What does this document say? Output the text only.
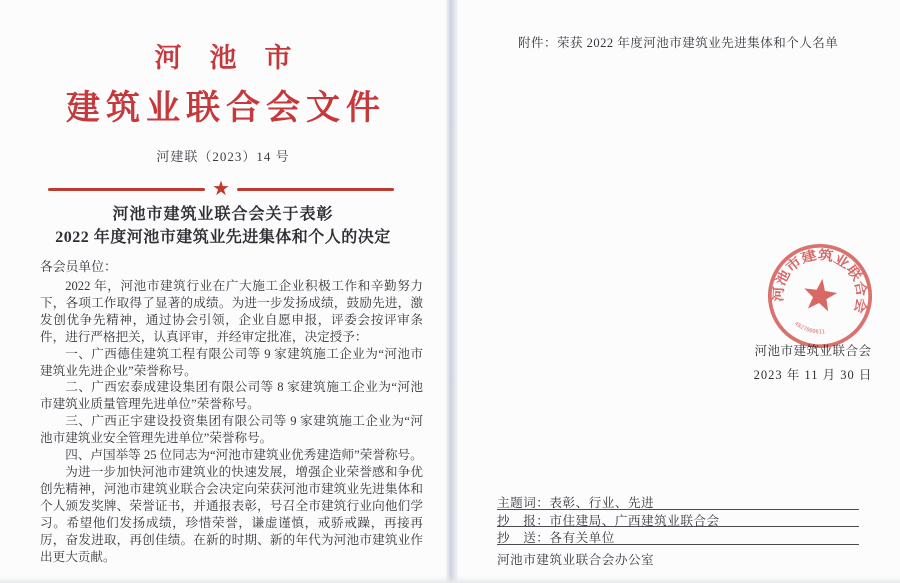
河池市
建筑业联合会文件
河建联（2023）14 号
★
河池市建筑业联合会关于表彰
2022 年度河池市建筑业先进集体和个人的决定
各会员单位：

2022 年，河池市建筑行业在广大施工企业积极工作和辛勤努力下，各项工作取得了显著的成绩。为进一步发扬成绩，鼓励先进，激发创优争先精神，通过协会引领，企业自愿申报，评委会按评审条件，进行严格把关，认真评审，并经审定批准，决定授予：

一、广西德佳建筑工程有限公司等 9 家建筑施工企业为“河池市建筑业先进企业”荣誉称号。

二、广西宏泰成建设集团有限公司等 8 家建筑施工企业为“河池市建筑业质量管理先进单位”荣誉称号。

三、广西正宇建设投资集团有限公司等 9 家建筑施工企业为“河池市建筑业安全管理先进单位”荣誉称号。

四、卢国举等 25 位同志为“河池市建筑业优秀建造师”荣誉称号。

为进一步加快河池市建筑业的快速发展，增强企业荣誉感和争优创先精神，河池市建筑业联合会决定向荣获河池市建筑业先进集体和个人颁发奖牌、荣誉证书，并通报表彰，号召全市建筑行业向他们学习。希望他们发扬成绩，珍惜荣誉，谦虚谨慎，戒骄戒躁，再接再厉，奋发进取，再创佳绩。在新的时期、新的年代为河池市建筑业作出更大贡献。

附件：荣获 2022 年度河池市建筑业先进集体和个人名单
河池市建筑业联合会
2023 年 11 月 30 日
河池市建筑业联合会
4827000611
主题词：表彰、行业、先进
抄　报：市住建局、广西建筑业联合会
抄　送：各有关单位
河池市建筑业联合会办公室
